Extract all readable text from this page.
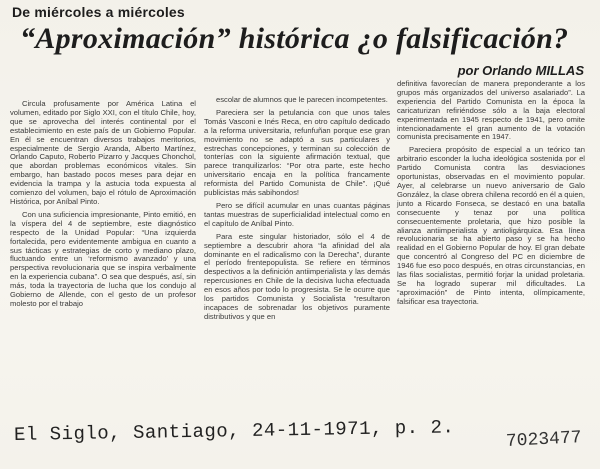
De miércoles a miércoles
“Aproximación” histórica ¿o falsificación?
por Orlando MILLAS

Circula profusamente por América Latina el volumen, editado por Siglo XXI, con el título Chile, hoy, que se aprovecha del interés continental por el establecimiento en este país de un Gobierno Popular. En él se encuentran diversos trabajos meritorios, especialmente de Sergio Aranda, Alberto Martínez, Orlando Caputo, Roberto Pizarro y Jacques Chonchol, que abordan problemas económicos vitales. Sin embargo, han bastado pocos meses para dejar en evidencia la trampa y la astucia toda expuesta al comienzo del volumen, bajo el rótulo de Aproximación Histórica, por Aníbal Pinto.

Con una suficiencia impresionante, Pinto emitió, en la víspera del 4 de septiembre, este diagnóstico respecto de la Unidad Popular: “Una izquierda fortalecida, pero evidentemente ambigua en cuanto a sus tácticas y estrategias de corto y mediano plazo, fluctuando entre un ‘reformismo avanzado’ y una perspectiva revolucionaria que se inspira verbalmente en la experiencia cubana”. O sea que después, así, sin más, toda la trayectoria de lucha que los condujo al Gobierno de Allende, con el gesto de un profesor molesto por el trabajo

escolar de alumnos que le parecen incompetentes.

Pareciera ser la petulancia con que unos tales Tomás Vasconi e Inés Reca, en otro capítulo dedicado a la reforma universitaria, refunfuñan porque ese gran movimiento no se adaptó a sus particulares y estrechas concepciones, y terminan su colección de tonterías con la siguiente afirmación textual, que parece tranquilizarlos: “Por otra parte, este hecho universitario encaja en la política francamente reformista del Partido Comunista de Chile”. ¡Qué publicistas más sabihondos!

Pero se difícil acumular en unas cuantas páginas tantas muestras de superficialidad intelectual como en el capítulo de Aníbal Pinto.

Para este singular historiador, sólo el 4 de septiembre a descubrir ahora “la afinidad del ala dominante en el radicalismo con la Derecha”, durante el período frentepopulista. Se refiere en términos despectivos a la definición antiimperialista y las demás repercusiones en Chile de la decisiva lucha efectuada en esos años por todo lo progresista. Se le ocurre que los partidos Comunista y Socialista “resultaron incapaces de sobrenadar los objetivos puramente distributivos y que en

definitiva favorecían de manera preponderante a los grupos más organizados del universo asalariado”. La experiencia del Partido Comunista en la época la caricaturizan refiriéndose sólo a la baja electoral experimentada en 1945 respecto de 1941, pero omite intencionadamente el gran aumento de la votación comunista precisamente en 1947.

Pareciera propósito de especial a un teórico tan arbitrario esconder la lucha ideológica sostenida por el Partido Comunista contra las desviaciones oportunistas, observadas en el movimiento popular. Ayer, al celebrarse un nuevo aniversario de Galo González, la clase obrera chilena recordó en él a quien, junto a Ricardo Fonseca, se destacó en una batalla consecuente y tenaz por una política consecuentemente proletaria, que hizo posible la alianza antiimperialista y antioligárquica. Esa línea revolucionaria se ha abierto paso y se ha hecho realidad en el Gobierno Popular de hoy. El gran debate que concentró al Congreso del PC en diciembre de 1946 fue eso poco después, en otras circunstancias, en las filas socialistas, permitió forjar la unidad proletaria. Se ha logrado superar mil dificultades. La “aproximación” de Pinto intenta, olímpicamente, falsificar esa trayectoria.

El Siglo, Santiago, 24-11-1971, p. 2.	7023477
